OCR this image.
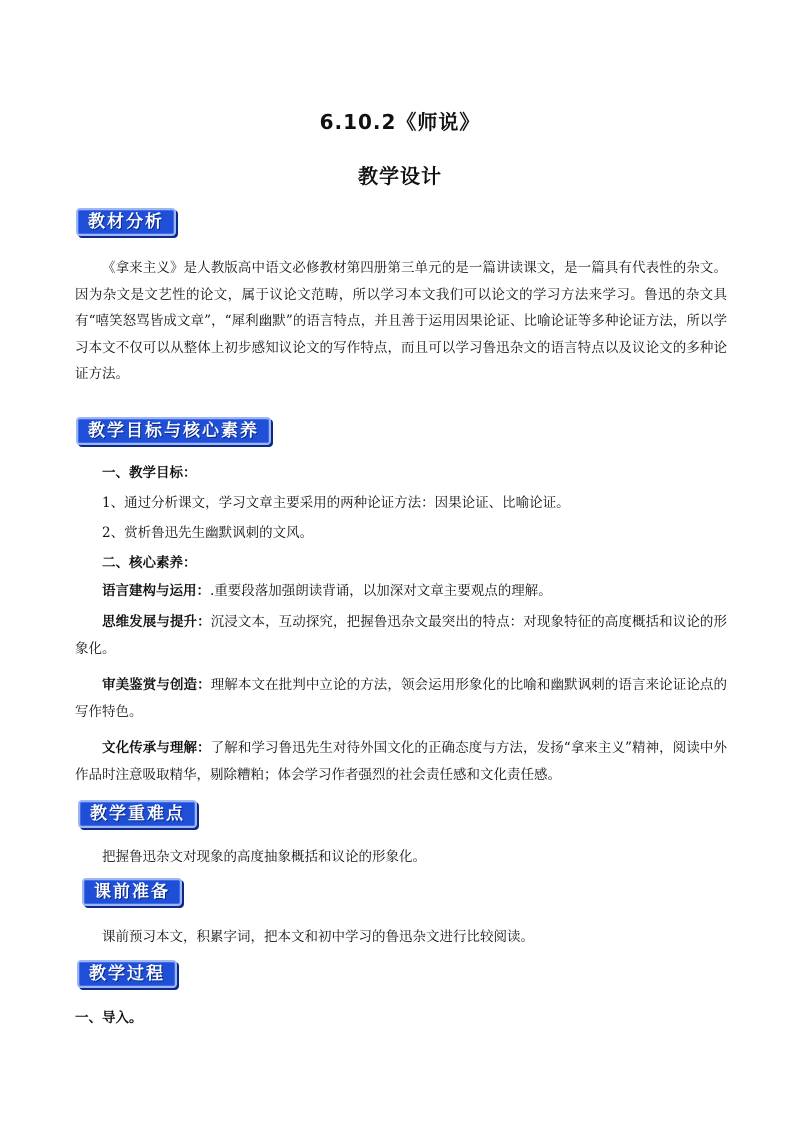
6.10.2《师说》
教学设计
教材分析
《拿来主义》是人教版高中语文必修教材第四册第三单元的是一篇讲读课文，是一篇具有代表性的杂文。因为杂文是文艺性的论文，属于议论文范畴，所以学习本文我们可以论文的学习方法来学习。鲁迅的杂文具有“嘻笑怒骂皆成文章”，“犀利幽默”的语言特点，并且善于运用因果论证、比喻论证等多种论证方法，所以学习本文不仅可以从整体上初步感知议论文的写作特点，而且可以学习鲁迅杂文的语言特点以及议论文的多种论证方法。
教学目标与核心素养
一、教学目标：
1、通过分析课文，学习文章主要采用的两种论证方法：因果论证、比喻论证。
2、赏析鲁迅先生幽默讽刺的文风。
二、核心素养：
语言建构与运用：.重要段落加强朗读背诵，以加深对文章主要观点的理解。
思维发展与提升：沉浸文本，互动探究，把握鲁迅杂文最突出的特点：对现象特征的高度概括和议论的形象化。
审美鉴赏与创造：理解本文在批判中立论的方法，领会运用形象化的比喻和幽默讽刺的语言来论证论点的写作特色。
文化传承与理解：了解和学习鲁迅先生对待外国文化的正确态度与方法，发扬“拿来主义”精神，阅读中外作品时注意吸取精华，剔除糟粕；体会学习作者强烈的社会责任感和文化责任感。
教学重难点
把握鲁迅杂文对现象的高度抽象概括和议论的形象化。
课前准备
课前预习本文，积累字词，把本文和初中学习的鲁迅杂文进行比较阅读。
教学过程
一、导入。
